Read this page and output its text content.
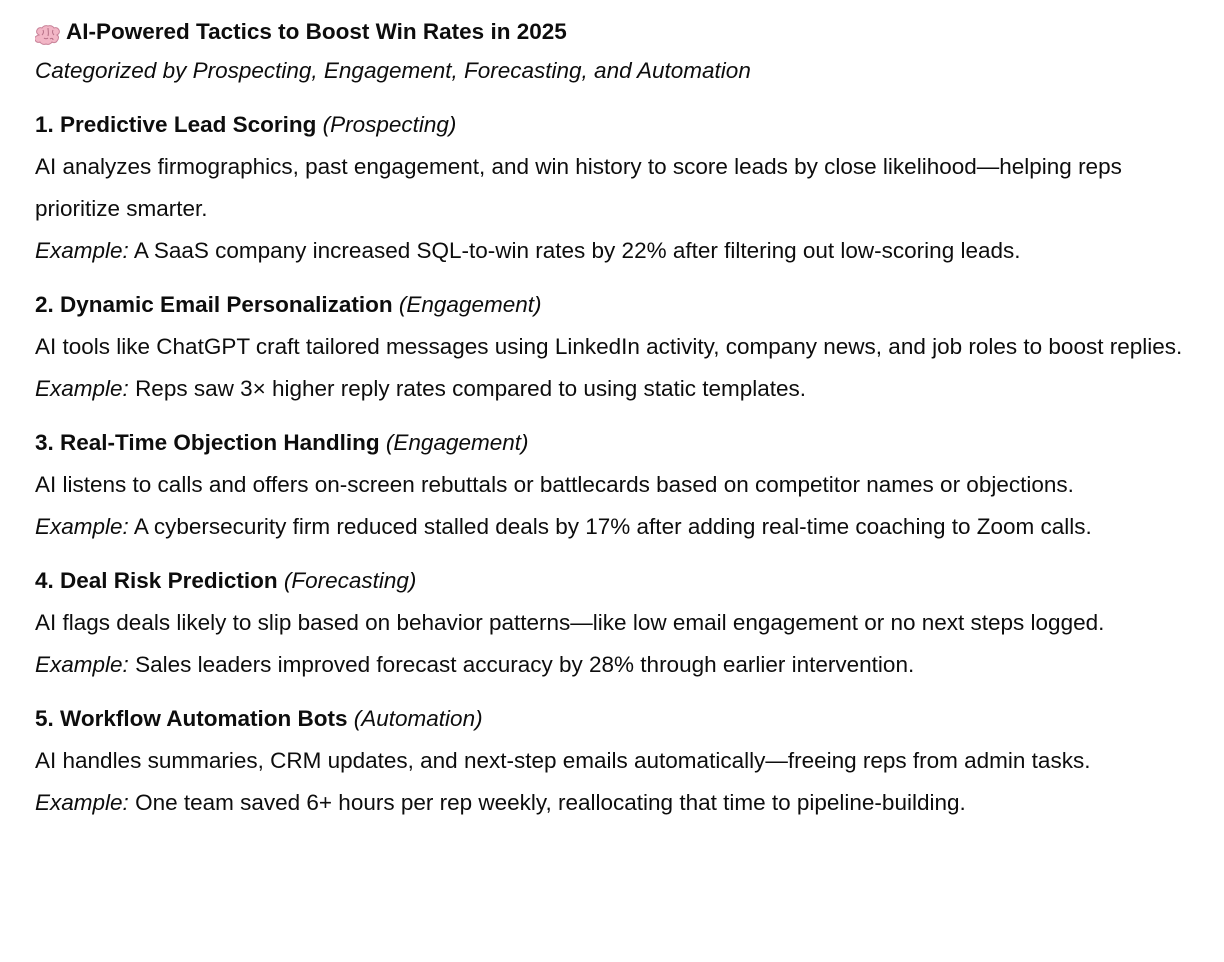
AI-Powered Tactics to Boost Win Rates in 2025

Categorized by Prospecting, Engagement, Forecasting, and Automation

1. Predictive Lead Scoring (Prospecting)

AI analyzes firmographics, past engagement, and win history to score leads by close likelihood—helping reps prioritize smarter.

Example: A SaaS company increased SQL-to-win rates by 22% after filtering out low-scoring leads.

2. Dynamic Email Personalization (Engagement)

AI tools like ChatGPT craft tailored messages using LinkedIn activity, company news, and job roles to boost replies.

Example: Reps saw 3× higher reply rates compared to using static templates.

3. Real-Time Objection Handling (Engagement)

AI listens to calls and offers on-screen rebuttals or battlecards based on competitor names or objections.

Example: A cybersecurity firm reduced stalled deals by 17% after adding real-time coaching to Zoom calls.

4. Deal Risk Prediction (Forecasting)

AI flags deals likely to slip based on behavior patterns—like low email engagement or no next steps logged.

Example: Sales leaders improved forecast accuracy by 28% through earlier intervention.

5. Workflow Automation Bots (Automation)

AI handles summaries, CRM updates, and next-step emails automatically—freeing reps from admin tasks.

Example: One team saved 6+ hours per rep weekly, reallocating that time to pipeline-building.
